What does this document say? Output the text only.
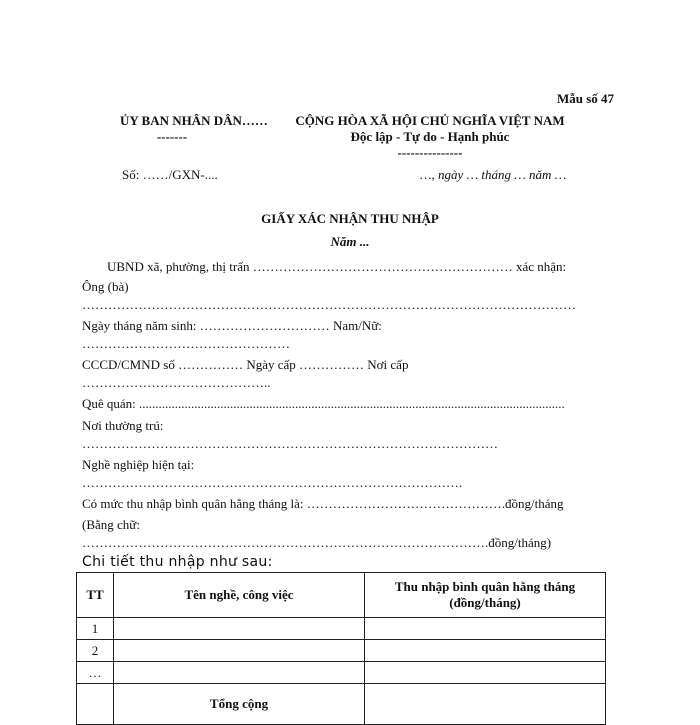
Mẫu số 47
ỦY BAN NHÂN DÂN……
-------
Số: ……/GXN-....
CỘNG HÒA XÃ HỘI CHỦ NGHĨA VIỆT NAM
Độc lập - Tự do - Hạnh phúc
---------------
…, ngày … tháng … năm …
GIẤY XÁC NHẬN THU NHẬP
Năm ...
UBND xã, phường, thị trấn …………………………………………………… xác nhận:
Ông (bà)
……………………………………………………………………………………………………
Ngày tháng năm sinh: ………………………… Nam/Nữ:
…………………………………………
CCCD/CMND số …………… Ngày cấp …………… Nơi cấp
……………………………………..
Quê quán: ...................................................................................................................................
Nơi thường trú:
……………………………………………………………………………………
Nghề nghiệp hiện tại:
…………………………………………………………………………….
Có mức thu nhập bình quân hằng tháng là: ……………………………………….đồng/tháng
(Bằng chữ:
………………………………………………………………………………….đồng/tháng)
Chi tiết thu nhập như sau:
TT	Tên nghề, công việc	Thu nhập bình quân hằng tháng (đồng/tháng)
1		
2		
…		
	Tổng cộng	
